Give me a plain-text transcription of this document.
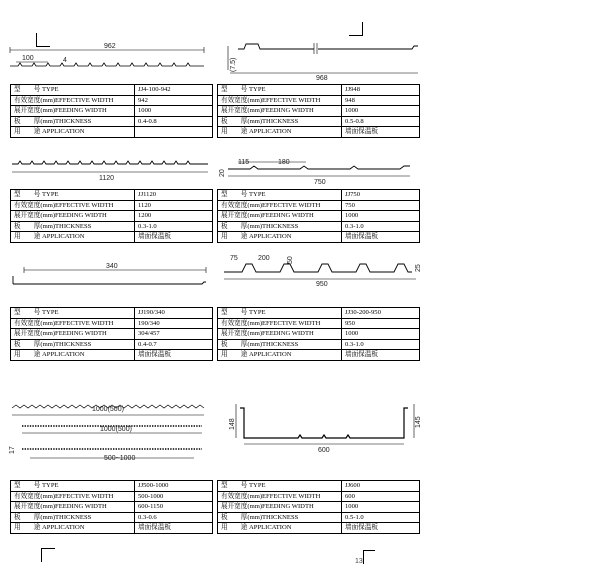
962
100	4	(7.5)
968
型　　号 TYPE	JJ4-100-942		型　　号 TYPE	JJ948
有效宽度(mm)EFFECTIVE WIDTH	942		有效宽度(mm)EFFECTIVE WIDTH	948
展开宽度(mm)FEEDING WIDTH	1000		展开宽度(mm)FEEDING WIDTH	1000
板　　厚(mm)THICKNESS	0.4-0.8		板　　厚(mm)THICKNESS	0.5-0.8
用　　途 APPLICATION			用　　途 APPLICATION	墙面保温板
1120
115	180
20
750
型　　号 TYPE	JJ1120		型　　号 TYPE	JJ750
有效宽度(mm)EFFECTIVE WIDTH	1120		有效宽度(mm)EFFECTIVE WIDTH	750
展开宽度(mm)FEEDING WIDTH	1200		展开宽度(mm)FEEDING WIDTH	1000
板　　厚(mm)THICKNESS	0.3-1.0		板　　厚(mm)THICKNESS	0.3-1.0
用　　途 APPLICATION	墙面保温板		用　　途 APPLICATION	墙面保温板
340
75	200 50
25
950
型　　号 TYPE	JJ190/340		型　　号 TYPE	JJ30-200-950
有效宽度(mm)EFFECTIVE WIDTH	190/340		有效宽度(mm)EFFECTIVE WIDTH	950
展开宽度(mm)FEEDING WIDTH	304/457		展开宽度(mm)FEEDING WIDTH	1000
板　　厚(mm)THICKNESS	0.4-0.7		板　　厚(mm)THICKNESS	0.3-1.0
用　　途 APPLICATION	墙面保温板		用　　途 APPLICATION	墙面保温板
1000(500)
1000(500)
17
500~1000
148	145
600
型　　号 TYPE	JJ500-1000		型　　号 TYPE	JJ600
有效宽度(mm)EFFECTIVE WIDTH	500-1000		有效宽度(mm)EFFECTIVE WIDTH	600
展开宽度(mm)FEEDING WIDTH	600-1150		展开宽度(mm)FEEDING WIDTH	1000
板　　厚(mm)THICKNESS	0.3-0.6		板　　厚(mm)THICKNESS	0.5-1.0
用　　途 APPLICATION	墙面保温板		用　　途 APPLICATION	墙面保温板
13
